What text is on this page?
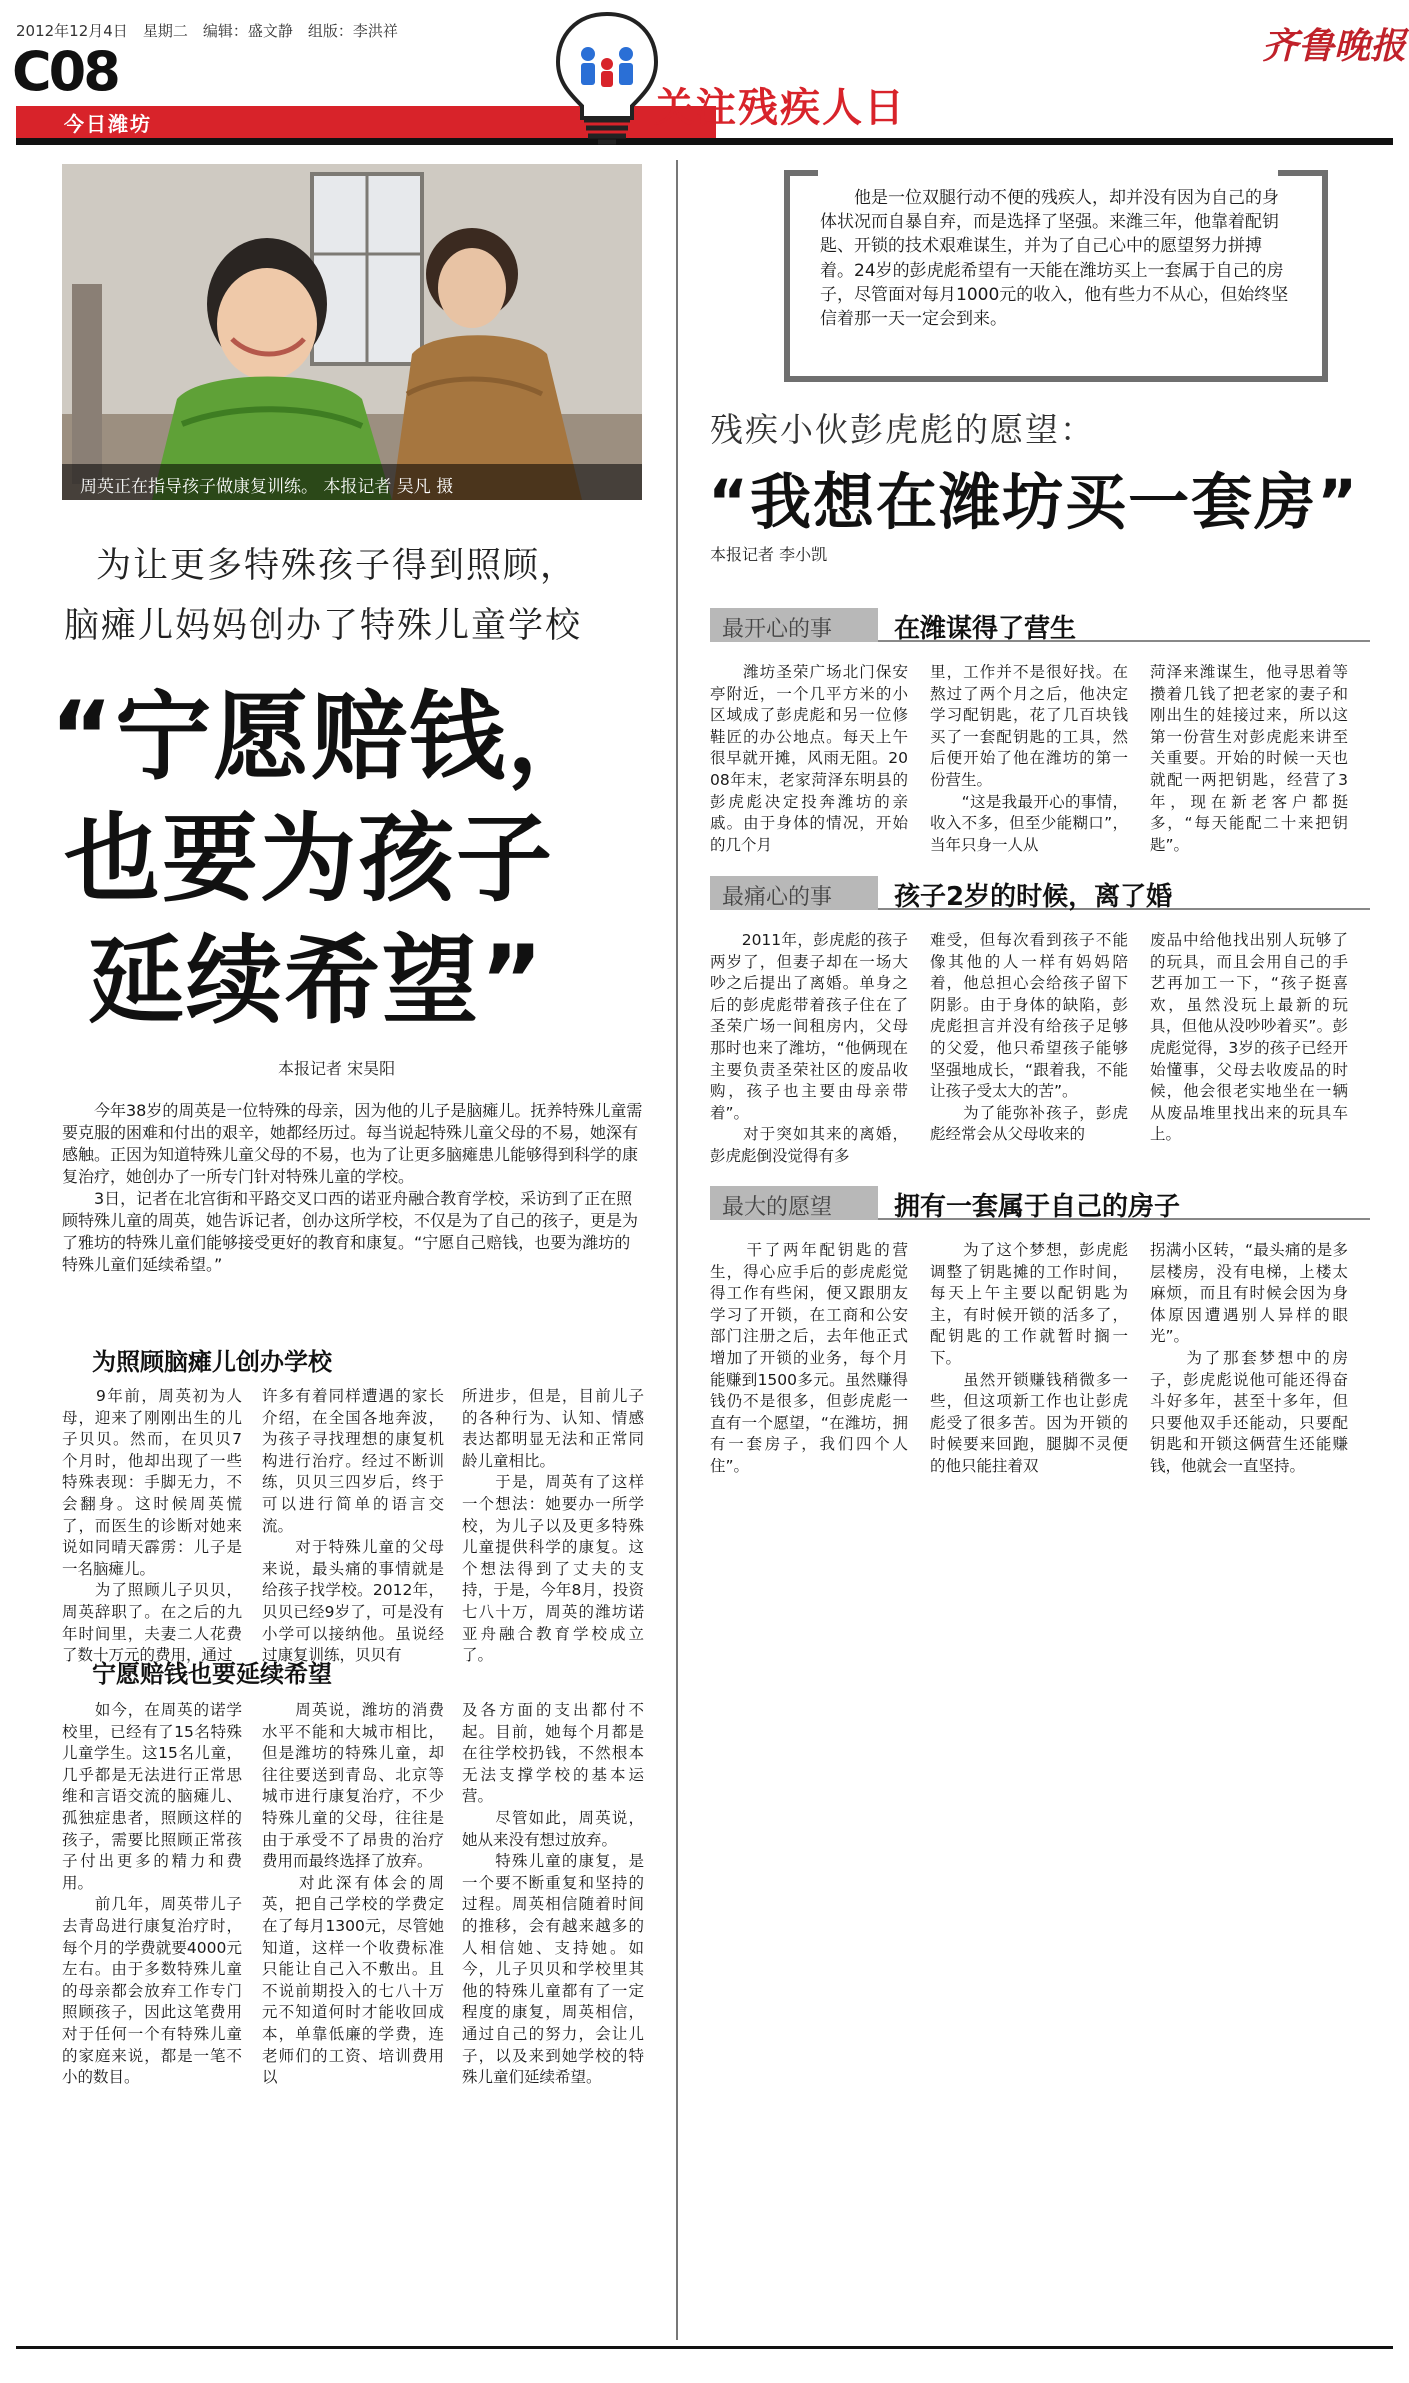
2012年12月4日　 星期二　 编辑：盛文静　 组版：李洪祥
C08
今日潍坊	关注残疾人日
齐鲁晚报
周英正在指导孩子做康复训练。 本报记者 吴凡 摄
为让更多特殊孩子得到照顾，
脑瘫儿妈妈创办了特殊儿童学校
“宁愿赔钱，
也要为孩子
延续希望”
本报记者 宋昊阳
今年38岁的周英是一位特殊的母亲，因为他的儿子是脑瘫儿。抚养特殊儿童需要克服的困难和付出的艰辛，她都经历过。每当说起特殊儿童父母的不易，她深有感触。正因为知道特殊儿童父母的不易，也为了让更多脑瘫患儿能够得到科学的康复治疗，她创办了一所专门针对特殊儿童的学校。
3日，记者在北宫街和平路交叉口西的诺亚舟融合教育学校，采访到了正在照顾特殊儿童的周英，她告诉记者，创办这所学校，不仅是为了自己的孩子，更是为了雅坊的特殊儿童们能够接受更好的教育和康复。“宁愿自己赔钱，也要为潍坊的特殊儿童们延续希望。”
为照顾脑瘫儿创办学校
　　9年前，周英初为人母，迎来了刚刚出生的儿子贝贝。然而，在贝贝7个月时，他却出现了一些特殊表现：手脚无力，不会翻身。这时候周英慌了，而医生的诊断对她来说如同晴天霹雳：儿子是一名脑瘫儿。
　　为了照顾儿子贝贝，周英辞职了。在之后的九年时间里，夫妻二人花费了数十万元的费用，通过
许多有着同样遭遇的家长介绍，在全国各地奔波，为孩子寻找理想的康复机构进行治疗。经过不断训练，贝贝三四岁后，终于可以进行简单的语言交流。
　　对于特殊儿童的父母来说，最头痛的事情就是给孩子找学校。2012年，贝贝已经9岁了，可是没有小学可以接纳他。虽说经过康复训练，贝贝有
所进步，但是，目前儿子的各种行为、认知、情感表达都明显无法和正常同龄儿童相比。
　　于是，周英有了这样一个想法：她要办一所学校，为儿子以及更多特殊儿童提供科学的康复。这个想法得到了丈夫的支持，于是，今年8月，投资七八十万，周英的潍坊诺亚舟融合教育学校成立了。
宁愿赔钱也要延续希望
　　如今，在周英的诺学校里，已经有了15名特殊儿童学生。这15名儿童，几乎都是无法进行正常思维和言语交流的脑瘫儿、孤独症患者，照顾这样的孩子，需要比照顾正常孩子付出更多的精力和费用。
　　前几年，周英带儿子去青岛进行康复治疗时，每个月的学费就要4000元左右。由于多数特殊儿童的母亲都会放弃工作专门照顾孩子，因此这笔费用对于任何一个有特殊儿童的家庭来说，都是一笔不小的数目。
　　周英说，潍坊的消费水平不能和大城市相比，但是潍坊的特殊儿童，却往往要送到青岛、北京等城市进行康复治疗，不少特殊儿童的父母，往往是由于承受不了昂贵的治疗费用而最终选择了放弃。
　　对此深有体会的周英，把自己学校的学费定在了每月1300元，尽管她知道，这样一个收费标准只能让自己入不敷出。且不说前期投入的七八十万元不知道何时才能收回成本，单靠低廉的学费，连老师们的工资、培训费用以
及各方面的支出都付不起。目前，她每个月都是在往学校扔钱，不然根本无法支撑学校的基本运营。
　　尽管如此，周英说，她从来没有想过放弃。
　　特殊儿童的康复，是一个要不断重复和坚持的过程。周英相信随着时间的推移，会有越来越多的人相信她、支持她。如今，儿子贝贝和学校里其他的特殊儿童都有了一定程度的康复，周英相信，通过自己的努力，会让儿子，以及来到她学校的特殊儿童们延续希望。
　　他是一位双腿行动不便的残疾人，却并没有因为自己的身体状况而自暴自弃，而是选择了坚强。来潍三年，他靠着配钥匙、开锁的技术艰难谋生，并为了自己心中的愿望努力拼搏着。24岁的彭虎彪希望有一天能在潍坊买上一套属于自己的房子，尽管面对每月1000元的收入，他有些力不从心，但始终坚信着那一天一定会到来。
残疾小伙彭虎彪的愿望：
“我想在潍坊买一套房”
本报记者 李小凯
最开心的事 在潍谋得了营生
　　潍坊圣荣广场北门保安亭附近，一个几平方米的小区域成了彭虎彪和另一位修鞋匠的办公地点。每天上午很早就开摊，风雨无阻。2008年末，老家菏泽东明县的彭虎彪决定投奔潍坊的亲戚。由于身体的情况，开始的几个月
里，工作并不是很好找。在熬过了两个月之后，他决定学习配钥匙，花了几百块钱买了一套配钥匙的工具，然后便开始了他在潍坊的第一份营生。
　　“这是我最开心的事情，收入不多，但至少能糊口”，当年只身一人从
菏泽来潍谋生，他寻思着等攒着几钱了把老家的妻子和刚出生的娃接过来，所以这第一份营生对彭虎彪来讲至关重要。开始的时候一天也就配一两把钥匙，经营了3年，现在新老客户都挺多，“每天能配二十来把钥匙”。
最痛心的事 孩子2岁的时候，离了婚
　　2011年，彭虎彪的孩子两岁了，但妻子却在一场大吵之后提出了离婚。单身之后的彭虎彪带着孩子住在了圣荣广场一间租房内，父母那时也来了潍坊，“他俩现在主要负责圣荣社区的废品收购，孩子也主要由母亲带着”。
　　对于突如其来的离婚，彭虎彪倒没觉得有多
难受，但每次看到孩子不能像其他的人一样有妈妈陪着，他总担心会给孩子留下阴影。由于身体的缺陷，彭虎彪担言并没有给孩子足够的父爱，他只希望孩子能够坚强地成长，“跟着我，不能让孩子受太大的苦”。
　　为了能弥补孩子，彭虎彪经常会从父母收来的
废品中给他找出别人玩够了的玩具，而且会用自己的手艺再加工一下，“孩子挺喜欢，虽然没玩上最新的玩具，但他从没吵吵着买”。彭虎彪觉得，3岁的孩子已经开始懂事，父母去收废品的时候，他会很老实地坐在一辆从废品堆里找出来的玩具车上。
最大的愿望 拥有一套属于自己的房子
　　干了两年配钥匙的营生，得心应手后的彭虎彪觉得工作有些闲，便又跟朋友学习了开锁，在工商和公安部门注册之后，去年他正式增加了开锁的业务，每个月能赚到1500多元。虽然赚得钱仍不是很多，但彭虎彪一直有一个愿望，“在潍坊，拥有一套房子，我们四个人住”。
　　为了这个梦想，彭虎彪调整了钥匙摊的工作时间，每天上午主要以配钥匙为主，有时候开锁的活多了，配钥匙的工作就暂时搁一下。
　　虽然开锁赚钱稍微多一些，但这项新工作也让彭虎彪受了很多苦。因为开锁的时候要来回跑，腿脚不灵便的他只能拄着双
拐满小区转，“最头痛的是多层楼房，没有电梯，上楼太麻烦，而且有时候会因为身体原因遭遇别人异样的眼光”。
　　为了那套梦想中的房子，彭虎彪说他可能还得奋斗好多年，甚至十多年，但只要他双手还能动，只要配钥匙和开锁这俩营生还能赚钱，他就会一直坚持。
